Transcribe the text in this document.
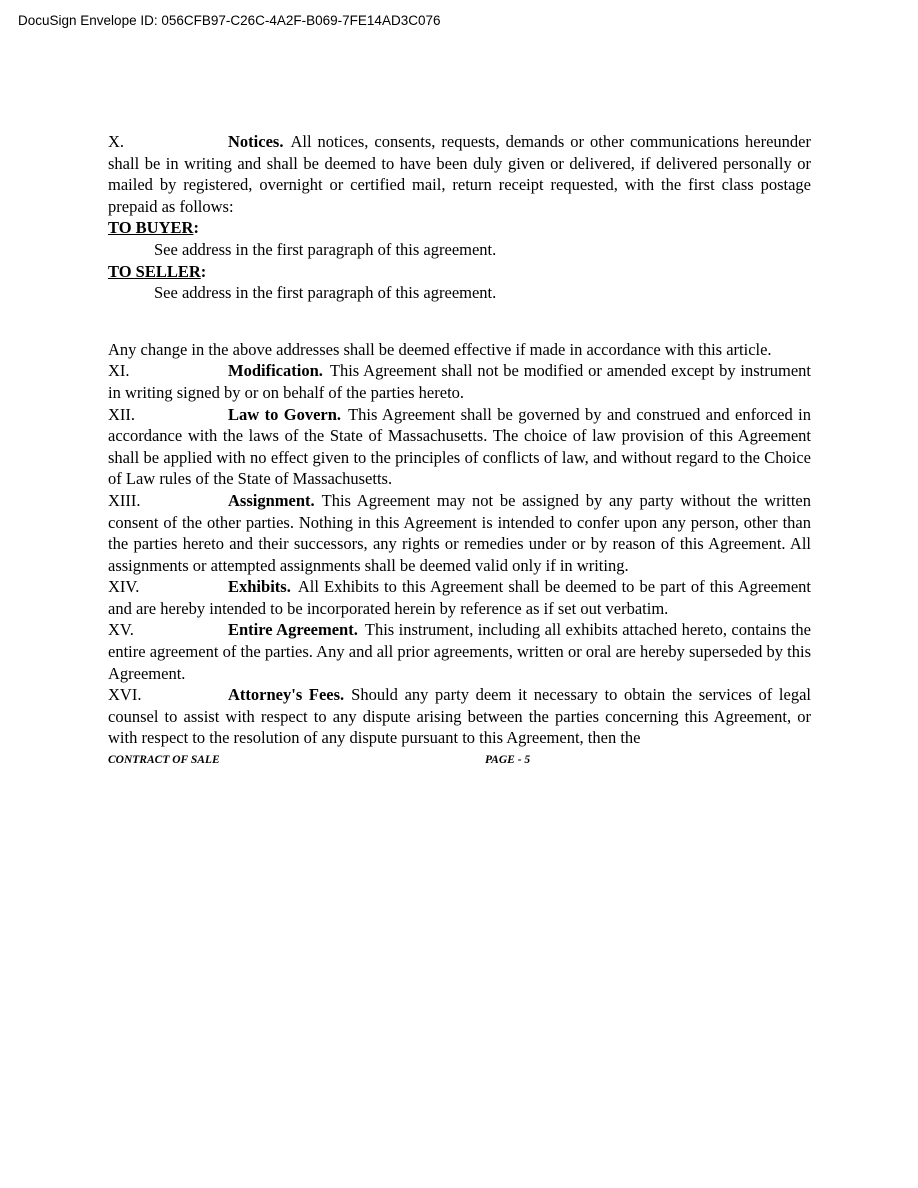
DocuSign Envelope ID: 056CFB97-C26C-4A2F-B069-7FE14AD3C076

X.	Notices. All notices, consents, requests, demands or other communications hereunder shall be in writing and shall be deemed to have been duly given or delivered, if delivered personally or mailed by registered, overnight or certified mail, return receipt requested, with the first class postage prepaid as follows:

TO BUYER:

See address in the first paragraph of this agreement.

TO SELLER:

See address in the first paragraph of this agreement.

Any change in the above addresses shall be deemed effective if made in accordance with this article.

XI.	Modification. This Agreement shall not be modified or amended except by instrument in writing signed by or on behalf of the parties hereto.

XII.	Law to Govern. This Agreement shall be governed by and construed and enforced in accordance with the laws of the State of Massachusetts. The choice of law provision of this Agreement shall be applied with no effect given to the principles of conflicts of law, and without regard to the Choice of Law rules of the State of Massachusetts.

XIII.	Assignment. This Agreement may not be assigned by any party without the written consent of the other parties. Nothing in this Agreement is intended to confer upon any person, other than the parties hereto and their successors, any rights or remedies under or by reason of this Agreement. All assignments or attempted assignments shall be deemed valid only if in writing.

XIV.	Exhibits. All Exhibits to this Agreement shall be deemed to be part of this Agreement and are hereby intended to be incorporated herein by reference as if set out verbatim.

XV.	Entire Agreement. This instrument, including all exhibits attached hereto, contains the entire agreement of the parties. Any and all prior agreements, written or oral are hereby superseded by this Agreement.

XVI.	Attorney's Fees. Should any party deem it necessary to obtain the services of legal counsel to assist with respect to any dispute arising between the parties concerning this Agreement, or with respect to the resolution of any dispute pursuant to this Agreement, then the

CONTRACT OF SALE	PAGE - 5
